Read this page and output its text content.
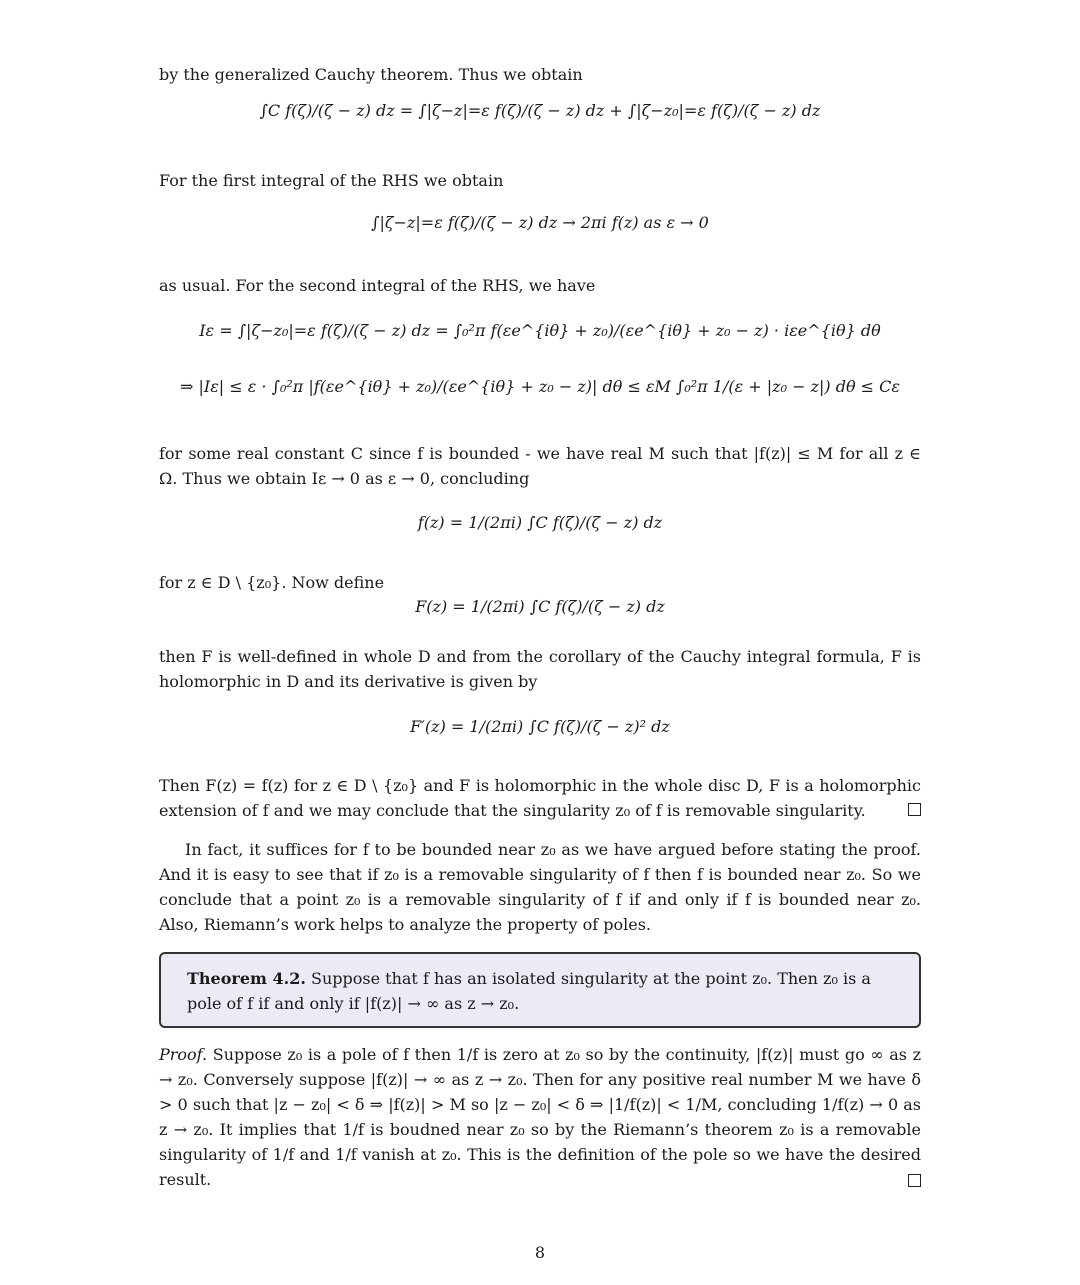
by the generalized Cauchy theorem. Thus we obtain

∫C f(ζ)/(ζ − z) dz = ∫|ζ−z|=ε f(ζ)/(ζ − z) dz + ∫|ζ−z₀|=ε f(ζ)/(ζ − z) dz

For the first integral of the RHS we obtain

∫|ζ−z|=ε f(ζ)/(ζ − z) dz → 2πi f(z) as ε → 0

as usual. For the second integral of the RHS, we have

Iε = ∫|ζ−z₀|=ε f(ζ)/(ζ − z) dz = ∫₀²π f(εe^{iθ} + z₀)/(εe^{iθ} + z₀ − z) · iεe^{iθ} dθ
⇒ |Iε| ≤ ε · ∫₀²π |f(εe^{iθ} + z₀)/(εe^{iθ} + z₀ − z)| dθ ≤ εM ∫₀²π 1/(ε + |z₀ − z|) dθ ≤ Cε

for some real constant C since f is bounded - we have real M such that |f(z)| ≤ M for all z ∈ Ω. Thus we obtain Iε → 0 as ε → 0, concluding

f(z) = 1/(2πi) ∫C f(ζ)/(ζ − z) dz

for z ∈ D \ {z₀}. Now define

F(z) = 1/(2πi) ∫C f(ζ)/(ζ − z) dz

then F is well-defined in whole D and from the corollary of the Cauchy integral formula, F is holomorphic in D and its derivative is given by

F′(z) = 1/(2πi) ∫C f(ζ)/(ζ − z)² dz

Then F(z) = f(z) for z ∈ D \ {z₀} and F is holomorphic in the whole disc D, F is a holomorphic extension of f and we may conclude that the singularity z₀ of f is removable singularity.

In fact, it suffices for f to be bounded near z₀ as we have argued before stating the proof. And it is easy to see that if z₀ is a removable singularity of f then f is bounded near z₀. So we conclude that a point z₀ is a removable singularity of f if and only if f is bounded near z₀. Also, Riemann’s work helps to analyze the property of poles.

Theorem 4.2. Suppose that f has an isolated singularity at the point z₀. Then z₀ is a pole of f if and only if |f(z)| → ∞ as z → z₀.

Proof. Suppose z₀ is a pole of f then 1/f is zero at z₀ so by the continuity, |f(z)| must go ∞ as z → z₀. Conversely suppose |f(z)| → ∞ as z → z₀. Then for any positive real number M we have δ > 0 such that |z − z₀| < δ ⇒ |f(z)| > M so |z − z₀| < δ ⇒ |1/f(z)| < 1/M, concluding 1/f(z) → 0 as z → z₀. It implies that 1/f is boudned near z₀ so by the Riemann’s theorem z₀ is a removable singularity of 1/f and 1/f vanish at z₀. This is the definition of the pole so we have the desired result.

8
